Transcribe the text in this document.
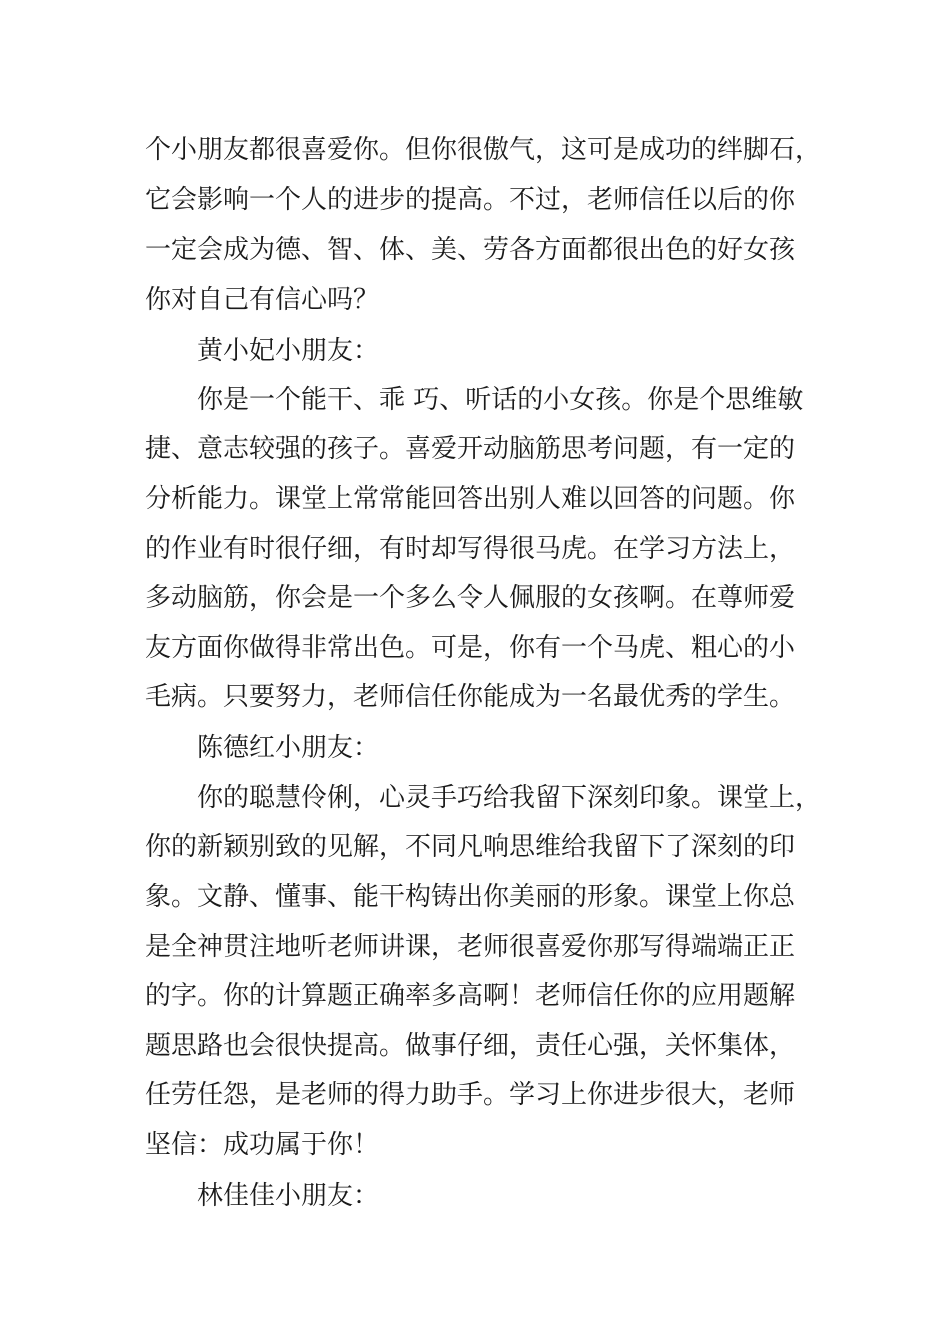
个小朋友都很喜爱你。但你很傲气，这可是成功的绊脚石，

它会影响一个人的进步的提高。不过，老师信任以后的你

一定会成为德、智、体、美、劳各方面都很出色的好女孩

你对自己有信心吗？

黄小妃小朋友：

你是一个能干、乖 巧、听话的小女孩。你是个思维敏

捷、意志较强的孩子。喜爱开动脑筋思考问题，有一定的

分析能力。课堂上常常能回答出别人难以回答的问题。你

的作业有时很仔细，有时却写得很马虎。在学习方法上，

多动脑筋，你会是一个多么令人佩服的女孩啊。在尊师爱

友方面你做得非常出色。可是，你有一个马虎、粗心的小

毛病。只要努力，老师信任你能成为一名最优秀的学生。

陈德红小朋友：

你的聪慧伶俐，心灵手巧给我留下深刻印象。课堂上，

你的新颖别致的见解，不同凡响思维给我留下了深刻的印

象。文静、懂事、能干构铸出你美丽的形象。课堂上你总

是全神贯注地听老师讲课，老师很喜爱你那写得端端正正

的字。你的计算题正确率多高啊！老师信任你的应用题解

题思路也会很快提高。做事仔细，责任心强，关怀集体，

任劳任怨，是老师的得力助手。学习上你进步很大，老师

坚信：成功属于你！

林佳佳小朋友：
